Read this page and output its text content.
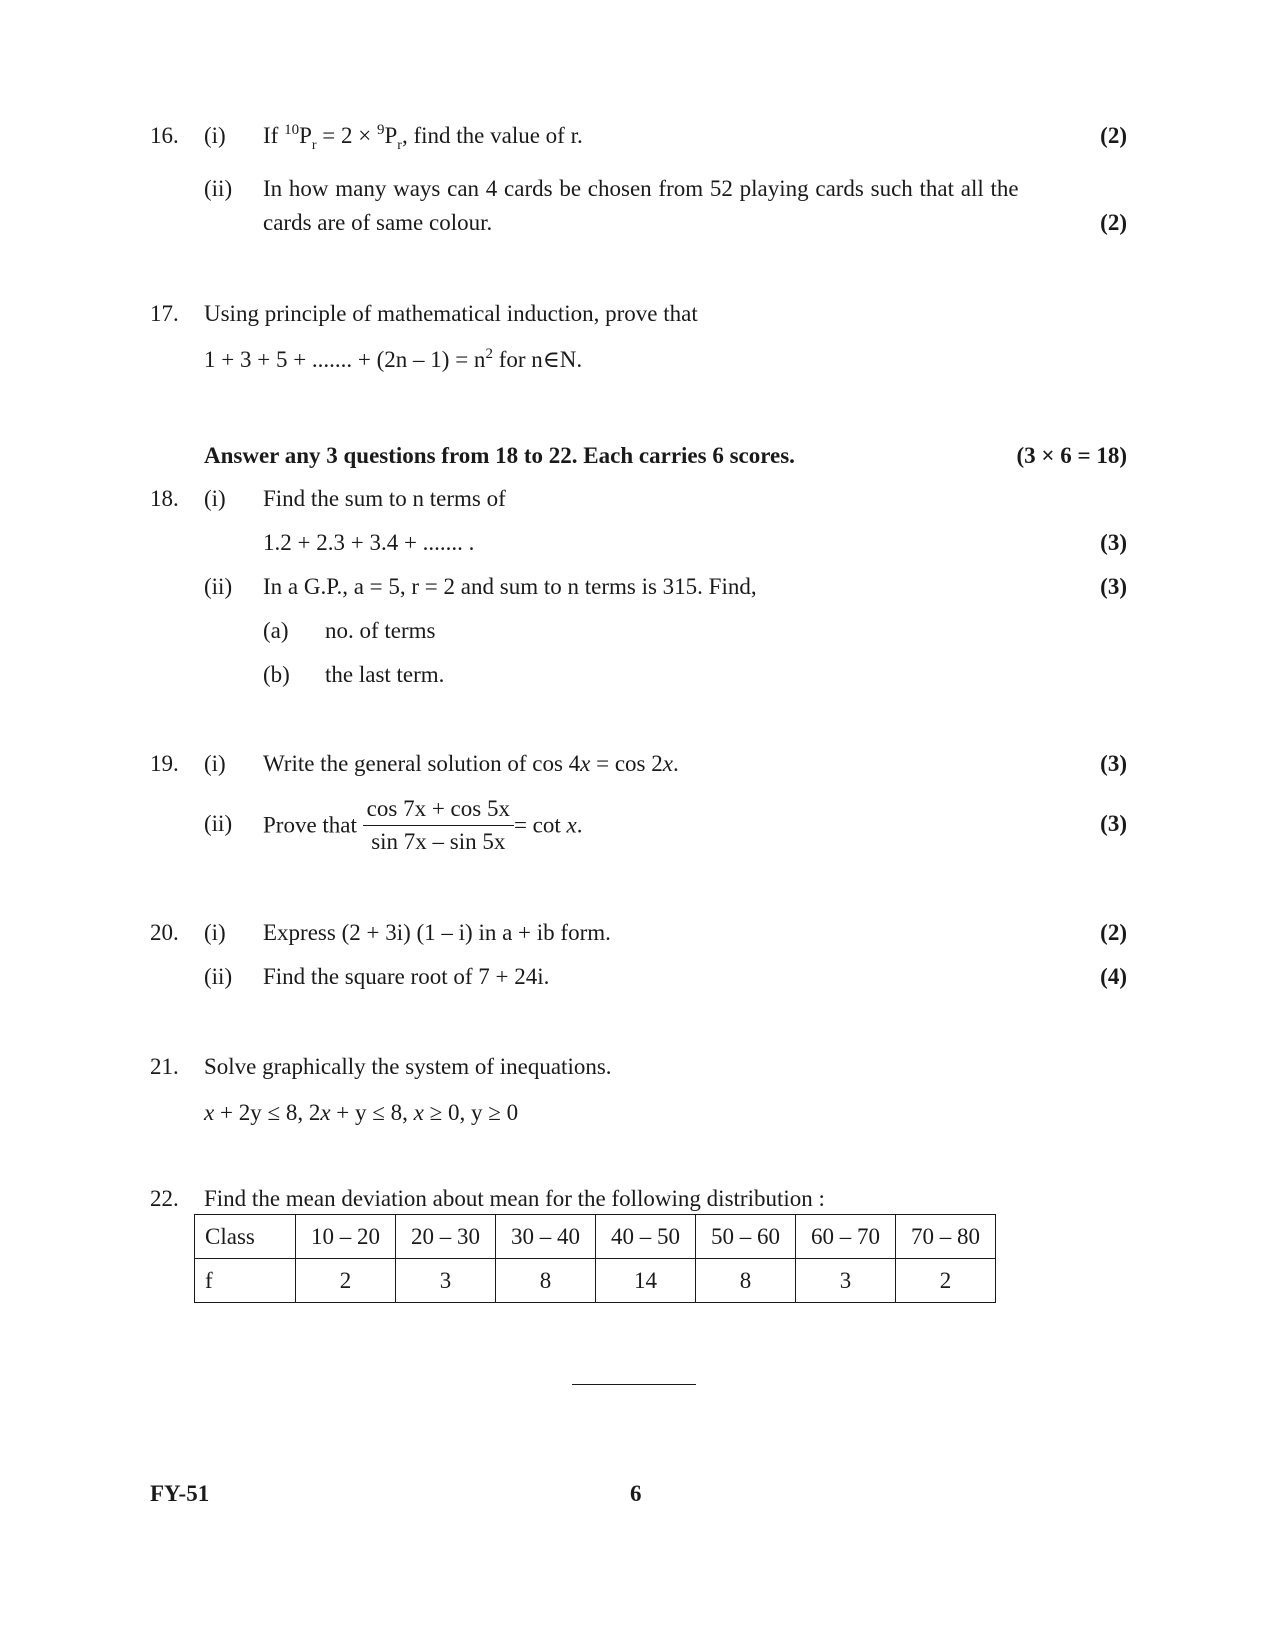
16.	(i) If $^{10}P_r = 2 \times ^9P_r$, find the value of r.	(2)
(ii) In how many ways can 4 cards be chosen from 52 playing cards such that all the
cards are of same colour.	(2)
17.	Using principle of mathematical induction, prove that
1 + 3 + 5 + ....... + $(2n - 1) = n^2$ for n∈N.
Answer any 3 questions from 18 to 22. Each carries 6 scores.	(3 × 6 = 18)
18.	(i) Find the sum to n terms of
1.2 + 2.3 + 3.4 + ....... .	(3)
(ii) In a G.P., a = 5, r = 2 and sum to n terms is 315. Find,	(3)
(a) no. of terms
(b) the last term.
19.	(i) Write the general solution of cos 4x = cos 2x.	(3)
(ii) Prove that $\frac{\cos 7x + \cos 5x}{\sin 7x - \sin 5x} = \cot x$.	(3)
20.	(i) Express (2 + 3i) (1 – i) in a + ib form.	(2)
(ii) Find the square root of 7 + 24i.	(4)
21.	Solve graphically the system of inequations.
x + 2y ≤ 8, 2x + y ≤ 8, x ≥ 0, y ≥ 0
22.	Find the mean deviation about mean for the following distribution :
Class	10 – 20	20 – 30	30 – 40	40 – 50	50 – 60	60 – 70	70 – 80
f	2	3	8	14	8	3	2
FY-51	6
